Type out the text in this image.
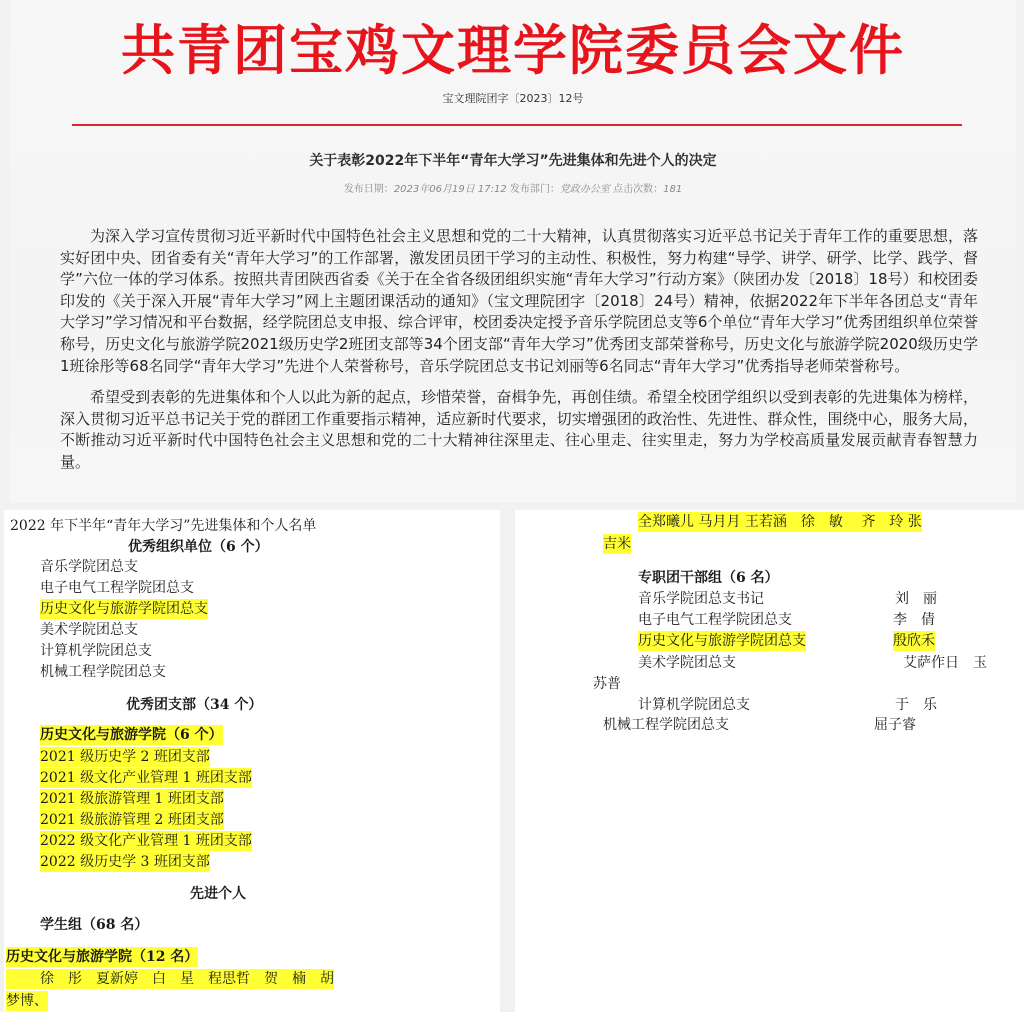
共青团宝鸡文理学院委员会文件
宝文理院团字〔2023〕12号
关于表彰2022年下半年“青年大学习”先进集体和先进个人的决定
发布日期：2023年06月19日 17:12 发布部门：党政办公室 点击次数：181

为深入学习宣传贯彻习近平新时代中国特色社会主义思想和党的二十大精神，认真贯彻落实习近平总书记关于青年工作的重要思想，落实好团中央、团省委有关“青年大学习”的工作部署，激发团员团干学习的主动性、积极性，努力构建“导学、讲学、研学、比学、践学、督学”六位一体的学习体系。按照共青团陕西省委《关于在全省各级团组织实施“青年大学习”行动方案》（陕团办发〔2018〕18号）和校团委印发的《关于深入开展“青年大学习”网上主题团课活动的通知》（宝文理院团字〔2018〕24号）精神，依据2022年下半年各团总支“青年大学习”学习情况和平台数据，经学院团总支申报、综合评审，校团委决定授予音乐学院团总支等6个单位“青年大学习”优秀团组织单位荣誉称号，历史文化与旅游学院2021级历史学2班团支部等34个团支部“青年大学习”优秀团支部荣誉称号，历史文化与旅游学院2020级历史学1班徐彤等68名同学“青年大学习”先进个人荣誉称号，音乐学院团总支书记刘丽等6名同志“青年大学习”优秀指导老师荣誉称号。

希望受到表彰的先进集体和个人以此为新的起点，珍惜荣誉，奋楫争先，再创佳绩。希望全校团学组织以受到表彰的先进集体为榜样，深入贯彻习近平总书记关于党的群团工作重要指示精神，适应新时代要求，切实增强团的政治性、先进性、群众性，围绕中心，服务大局，不断推动习近平新时代中国特色社会主义思想和党的二十大精神往深里走、往心里走、往实里走，努力为学校高质量发展贡献青春智慧力量。

2022 年下半年“青年大学习”先进集体和个人名单
优秀组织单位（6 个）
音乐学院团总支
电子电气工程学院团总支
历史文化与旅游学院团总支
美术学院团总支
计算机学院团总支
机械工程学院团总支
优秀团支部（34 个）
历史文化与旅游学院（6 个）
2021 级历史学 2 班团支部
2021 级文化产业管理 1 班团支部
2021 级旅游管理 1 班团支部
2021 级旅游管理 2 班团支部
2022 级文化产业管理 1 班团支部
2022 级历史学 3 班团支部
先进个人
学生组（68 名）
历史文化与旅游学院（12 名）
徐　彤　夏新婷　白　星　程思哲　贺　楠　胡
梦博、
全郑曦儿 马月月 王若涵　徐　敏　 齐　玲 张
吉米
专职团干部组（6 名）
音乐学院团总支书记	刘　丽
电子电气工程学院团总支	李　倩
历史文化与旅游学院团总支	殷欣禾
美术学院团总支	艾萨作日　玉
苏普
计算机学院团总支	于　乐
机械工程学院团总支	屈子睿
